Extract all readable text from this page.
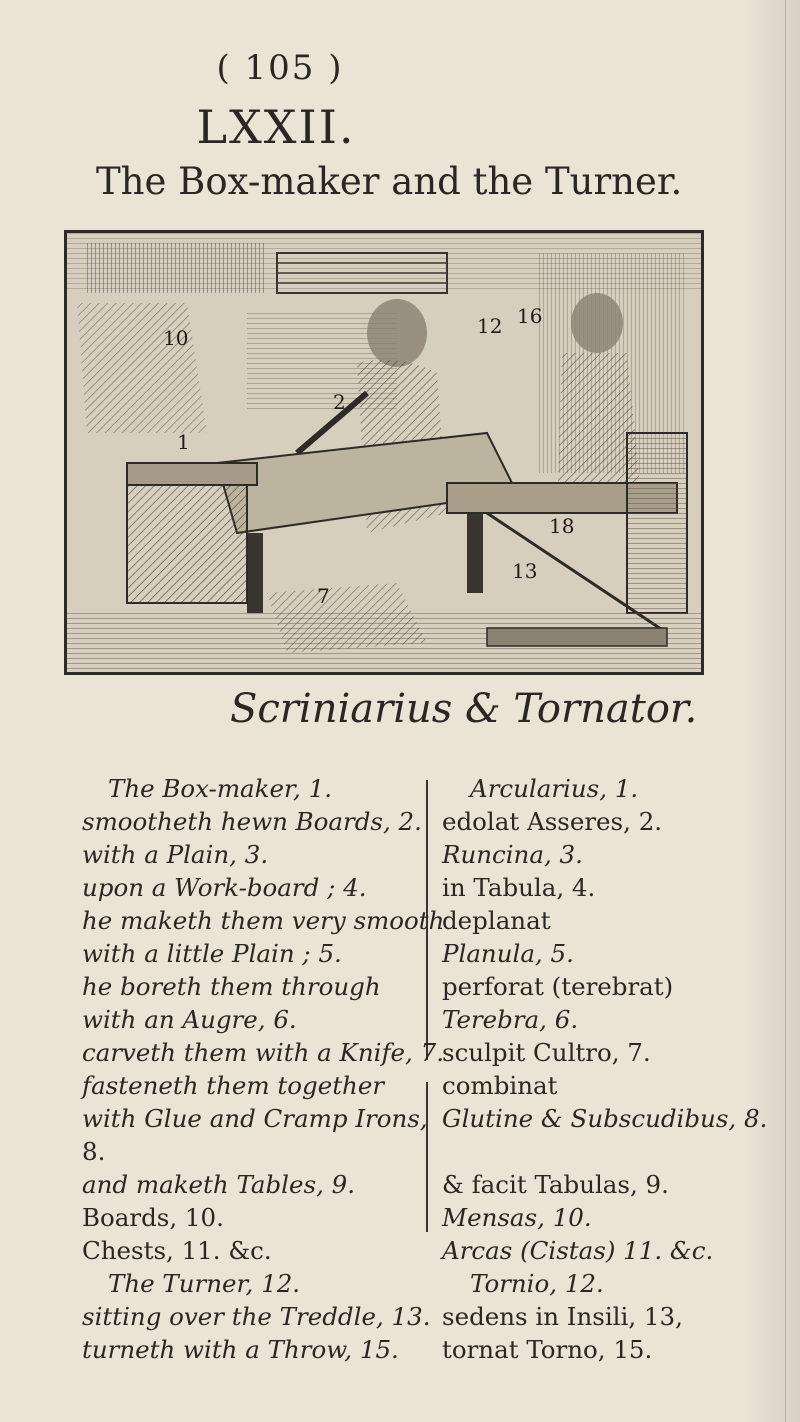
( 105 )
LXXII.
The Box-maker and the Turner.
10
2
1
7
12
13
16
18
Scriniarius & Tornator.
The Box-maker, 1.
smootheth hewn Boards, 2.
with a Plain, 3.
upon a Work-board ; 4.
he maketh them very smooth
with a little Plain ; 5.
he boreth them through
with an Augre, 6.
carveth them with a Knife, 7.
fasteneth them together
with Glue and Cramp Irons,
8.
and maketh Tables, 9.
Boards, 10.
Chests, 11. &c.
The Turner, 12.
sitting over the Treddle, 13.
turneth with a Throw, 15.
Arcularius, 1.
edolat Asseres, 2.
Runcina, 3.
in Tabula, 4.
deplanat
Planula, 5.
perforat (terebrat)
Terebra, 6.
sculpit Cultro, 7.
combinat
Glutine & Subscudibus, 8.
& facit Tabulas, 9.
Mensas, 10.
Arcas (Cistas) 11. &c.
Tornio, 12.
sedens in Insili, 13,
tornat Torno, 15.
